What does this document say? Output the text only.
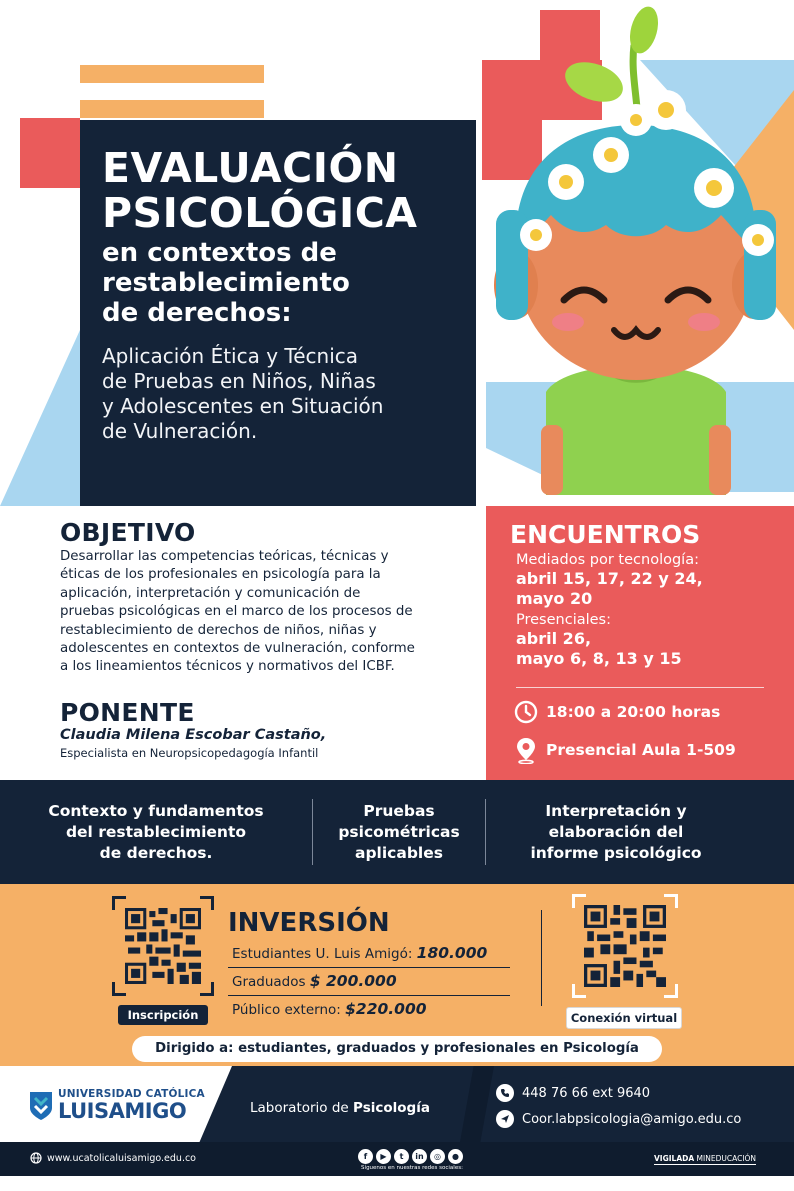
EVALUACIÓN
PSICOLÓGICA
en contextos de
restablecimiento
de derechos:

Aplicación Ética y Técnica
de Pruebas en Niños, Niñas
y Adolescentes en Situación
de Vulneración.

OBJETIVO
Desarrollar las competencias teóricas, técnicas y
éticas de los profesionales en psicología para la
aplicación, interpretación y comunicación de
pruebas psicológicas en el marco de los procesos de
restablecimiento de derechos de niños, niñas y
adolescentes en contextos de vulneración, conforme
a los lineamientos técnicos y normativos del ICBF.
PONENTE
Claudia Milena Escobar Castaño,
Especialista en Neuropsicopedagogía Infantil
ENCUENTROS
Mediados por tecnología:
abril 15, 17, 22 y 24,
mayo 20
Presenciales:
abril 26,
mayo 6, 8, 13 y 15
18:00 a 20:00 horas
Presencial Aula 1-509
Contexto y fundamentos
del restablecimiento
de derechos.
Pruebas
psicométricas
aplicables
Interpretación y
elaboración del
informe psicológico
Inscripción
INVERSIÓN
Estudiantes U. Luis Amigó: 180.000
Graduados $ 200.000
Público externo: $220.000	Conexión virtual
Dirigido a: estudiantes, graduados y profesionales en Psicología
UNIVERSIDAD CATÓLICA
LUISAMIGO	Laboratorio de Psicología
448 76 66 ext 9640
Coor.labpsicologia@amigo.edu.co
www.ucatolicaluisamigo.edu.co	f ▶ t in ◎ ●
Síguenos en nuestras redes sociales:
VIGILADA MINEDUCACIÓN
